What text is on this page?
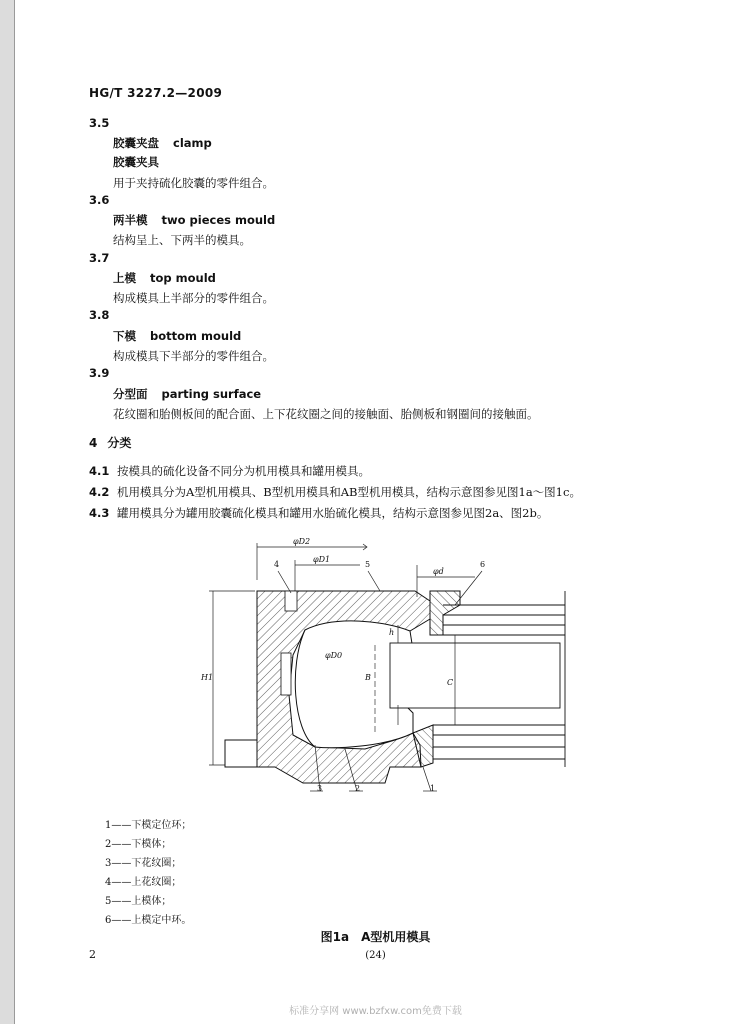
HG/T 3227.2—2009
3.5
胶囊夹盘 clamp
胶囊夹具
用于夹持硫化胶囊的零件组合。
3.6
两半模 two pieces mould
结构呈上、下两半的模具。
3.7
上模 top mould
构成模具上半部分的零件组合。
3.8
下模 bottom mould
构成模具下半部分的零件组合。
3.9
分型面 parting surface
花纹圈和胎侧板间的配合面、上下花纹圈之间的接触面、胎侧板和钢圈间的接触面。
4 分类
4.1 按模具的硫化设备不同分为机用模具和罐用模具。
4.2 机用模具分为A型机用模具、B型机用模具和AB型机用模具，结构示意图参见图1a～图1c。
4.3 罐用模具分为罐用胶囊硫化模具和罐用水胎硫化模具，结构示意图参见图2a、图2b。
φD2
φD1
φd
φD0
H1
h
B
C
1
2
3
4	5	6
1——下模定位环；
2——下模体；
3——下花纹圈；
4——上花纹圈；
5——上模体；
6——上模定中环。
图1a A型机用模具
2	(24)
标准分享网 www.bzfxw.com免费下载
